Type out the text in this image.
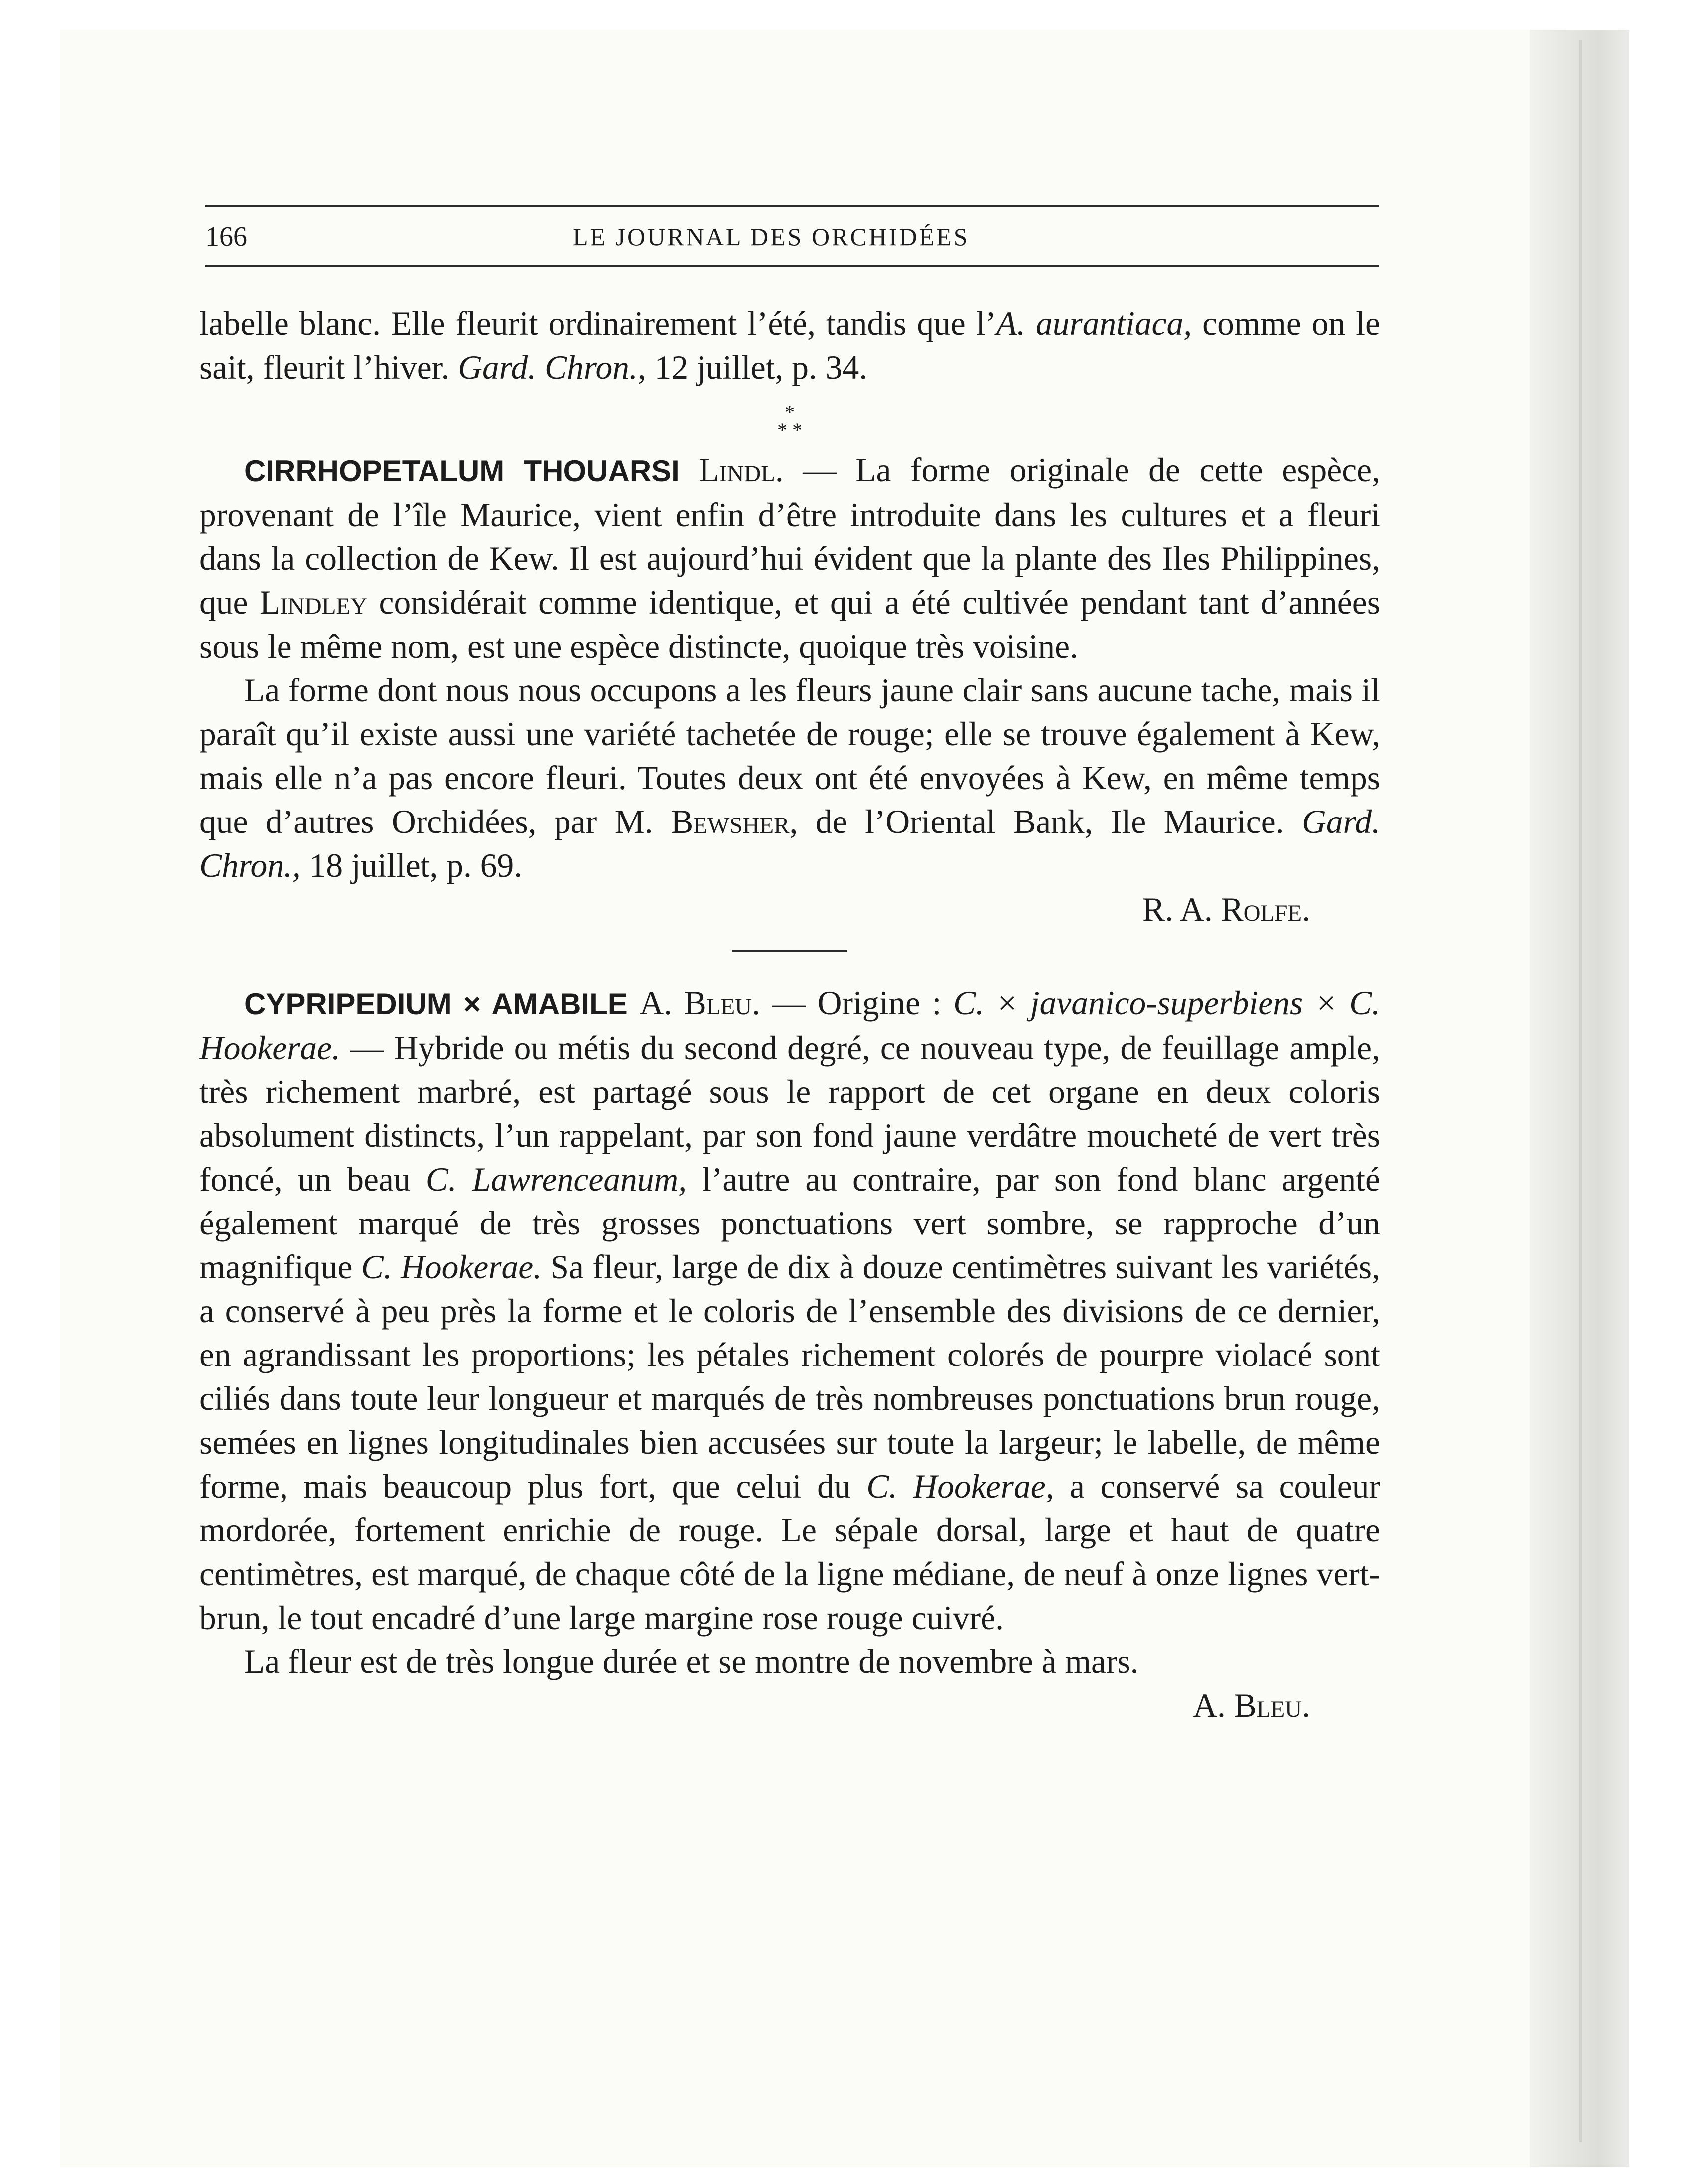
166	LE JOURNAL DES ORCHIDÉES

labelle blanc. Elle fleurit ordinairement l’été, tandis que l’A. aurantiaca, comme on le sait, fleurit l’hiver. Gard. Chron., 12 juillet, p. 34.

*
* *

CIRRHOPETALUM THOUARSI Lindl. — La forme originale de cette espèce, provenant de l’île Maurice, vient enfin d’être introduite dans les cultures et a fleuri dans la collection de Kew. Il est aujourd’hui évident que la plante des Iles Philippines, que Lindley considérait comme identique, et qui a été cultivée pendant tant d’années sous le même nom, est une espèce distincte, quoique très voisine.

La forme dont nous nous occupons a les fleurs jaune clair sans aucune tache, mais il paraît qu’il existe aussi une variété tachetée de rouge; elle se trouve également à Kew, mais elle n’a pas encore fleuri. Toutes deux ont été envoyées à Kew, en même temps que d’autres Orchidées, par M. Bewsher, de l’Oriental Bank, Ile Maurice. Gard. Chron., 18 juillet, p. 69.

R. A. Rolfe.

CYPRIPEDIUM × AMABILE A. Bleu. — Origine : C. × javanico-superbiens × C. Hookerae. — Hybride ou métis du second degré, ce nouveau type, de feuillage ample, très richement marbré, est partagé sous le rapport de cet organe en deux coloris absolument distincts, l’un rappelant, par son fond jaune verdâtre moucheté de vert très foncé, un beau C. Lawrenceanum, l’autre au contraire, par son fond blanc argenté également marqué de très grosses ponctuations vert sombre, se rapproche d’un magnifique C. Hookerae. Sa fleur, large de dix à douze centimètres suivant les variétés, a conservé à peu près la forme et le coloris de l’ensemble des divisions de ce dernier, en agrandissant les proportions; les pétales richement colorés de pourpre violacé sont ciliés dans toute leur longueur et marqués de très nombreuses ponctuations brun rouge, semées en lignes longitudinales bien accusées sur toute la largeur; le labelle, de même forme, mais beaucoup plus fort, que celui du C. Hookerae, a conservé sa couleur mordorée, fortement enrichie de rouge. Le sépale dorsal, large et haut de quatre centimètres, est marqué, de chaque côté de la ligne médiane, de neuf à onze lignes vert-brun, le tout encadré d’une large margine rose rouge cuivré.

La fleur est de très longue durée et se montre de novembre à mars.

A. Bleu.
